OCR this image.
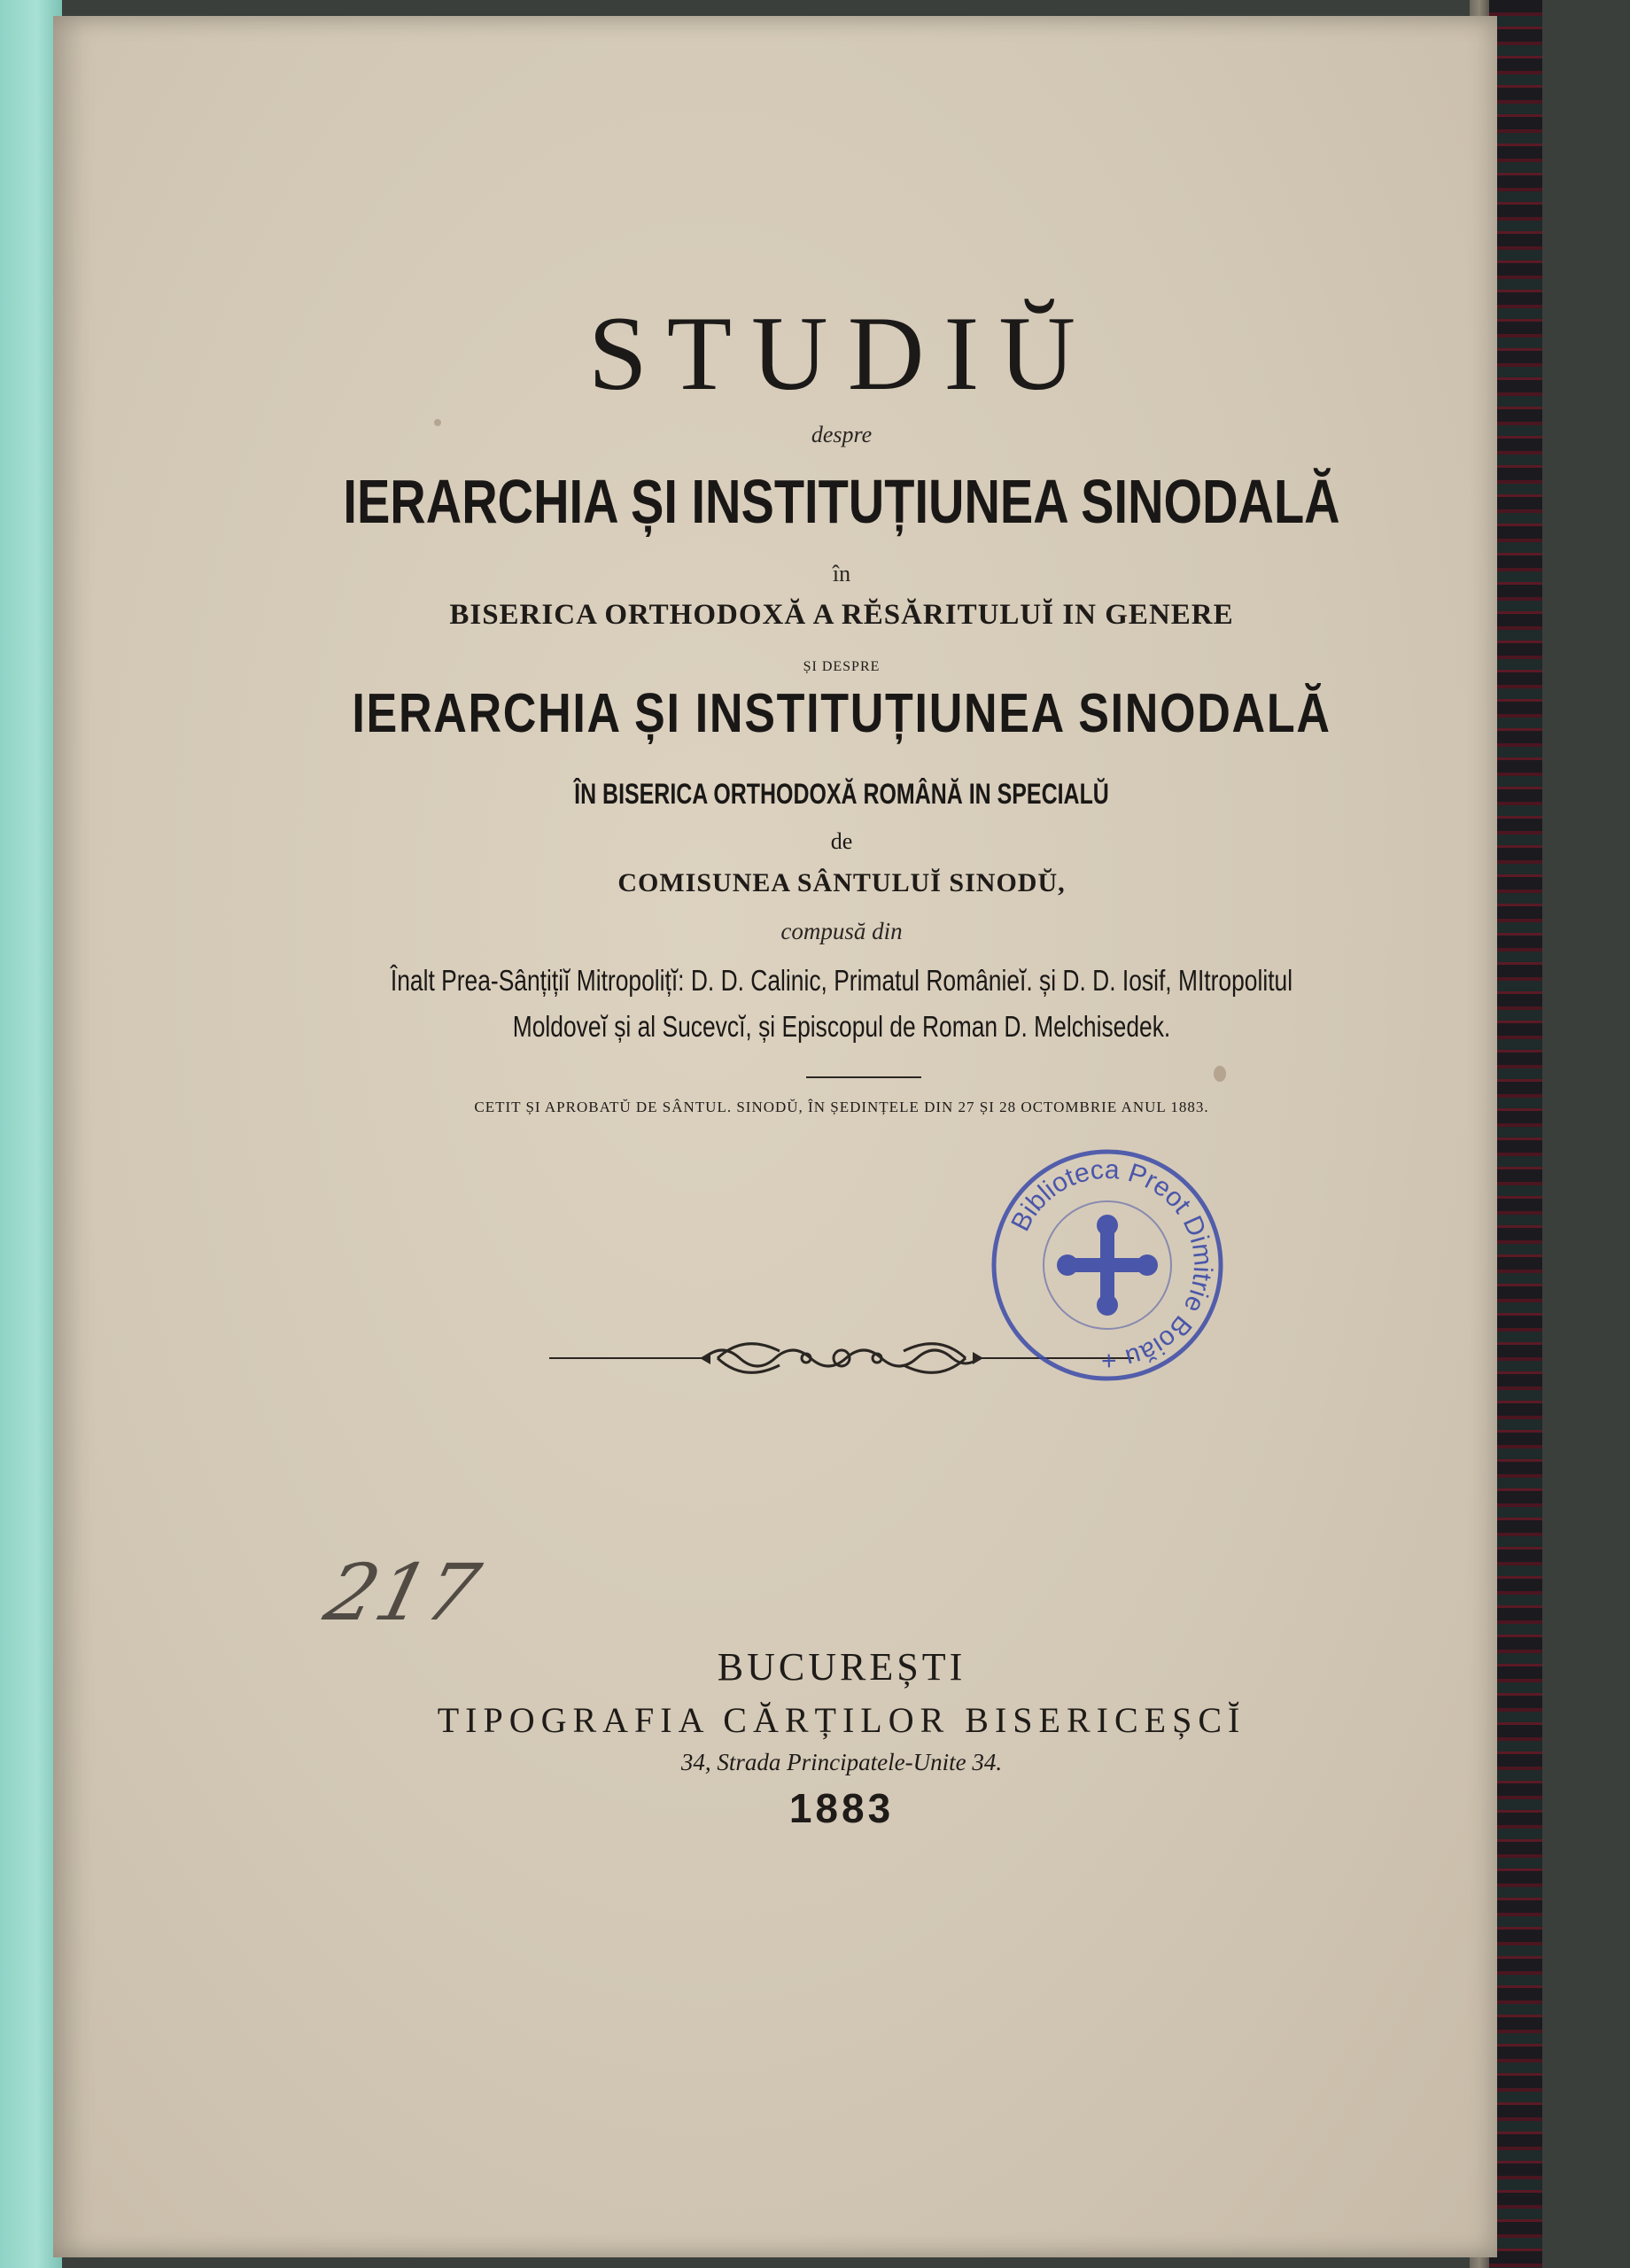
STUDIŬ
despre
IERARCHIA ȘI INSTITUȚIUNEA SINODALĂ
în
BISERICA ORTHODOXĂ A RĔSĂRITULUĬ IN GENERE
ȘI DESPRE
IERARCHIA ȘI INSTITUȚIUNEA SINODALĂ
ÎN BISERICA ORTHODOXĂ ROMÂNĂ IN SPECIALŬ
de
COMISUNEA SÂNTULUĬ SINODŬ,
compusă din
Înalt Prea-Sânțițiĭ Mitropolițĭ: D. D. Calinic, Primatul Românieĭ. și D. D. Iosif, MItropolitul
Moldoveĭ și al Sucevcĭ, și Episcopul de Roman D. Melchisedek.
CETIT ȘI APROBATŬ DE SÂNTUL. SINODŬ, ÎN ȘEDINȚELE DIN 27 ȘI 28 OCTOMBRIE ANUL 1883.
Biblioteca Preot Dimitrie Boiău +
217
BUCUREȘTI
TIPOGRAFIA CĂRȚILOR BISERICEȘCĬ
34, Strada Principatele-Unite 34.
1883
